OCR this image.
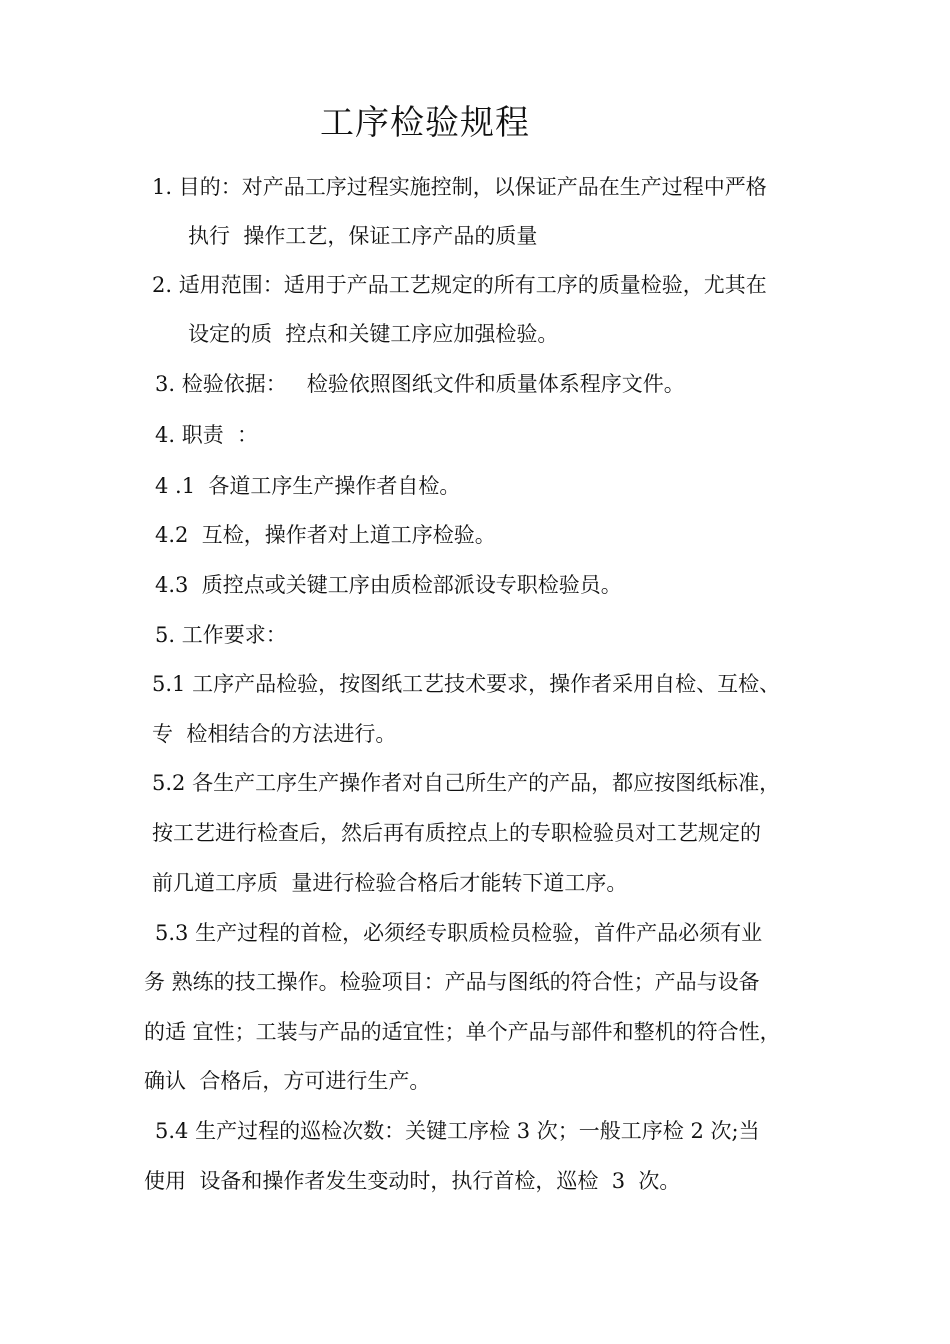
工序检验规程
1. 目的：对产品工序过程实施控制，以保证产品在生产过程中严格
执行  操作工艺，保证工序产品的质量
2. 适用范围：适用于产品工艺规定的所有工序的质量检验，尤其在
设定的质  控点和关键工序应加强检验。
3. 检验依据：   检验依照图纸文件和质量体系程序文件。
4. 职责  ：
4 .1  各道工序生产操作者自检。
4.2  互检，操作者对上道工序检验。
4.3  质控点或关键工序由质检部派设专职检验员。
5. 工作要求：
5.1 工序产品检验，按图纸工艺技术要求，操作者采用自检、互检、
专  检相结合的方法进行。
5.2 各生产工序生产操作者对自己所生产的产品，都应按图纸标准，
按工艺进行检查后，然后再有质控点上的专职检验员对工艺规定的
前几道工序质  量进行检验合格后才能转下道工序。
5.3 生产过程的首检，必须经专职质检员检验，首件产品必须有业
务 熟练的技工操作。检验项目：产品与图纸的符合性；产品与设备
的适 宜性；工装与产品的适宜性；单个产品与部件和整机的符合性，
确认  合格后，方可进行生产。
5.4 生产过程的巡检次数：关键工序检 3 次；一般工序检 2 次;当
使用  设备和操作者发生变动时，执行首检，巡检  3  次。
